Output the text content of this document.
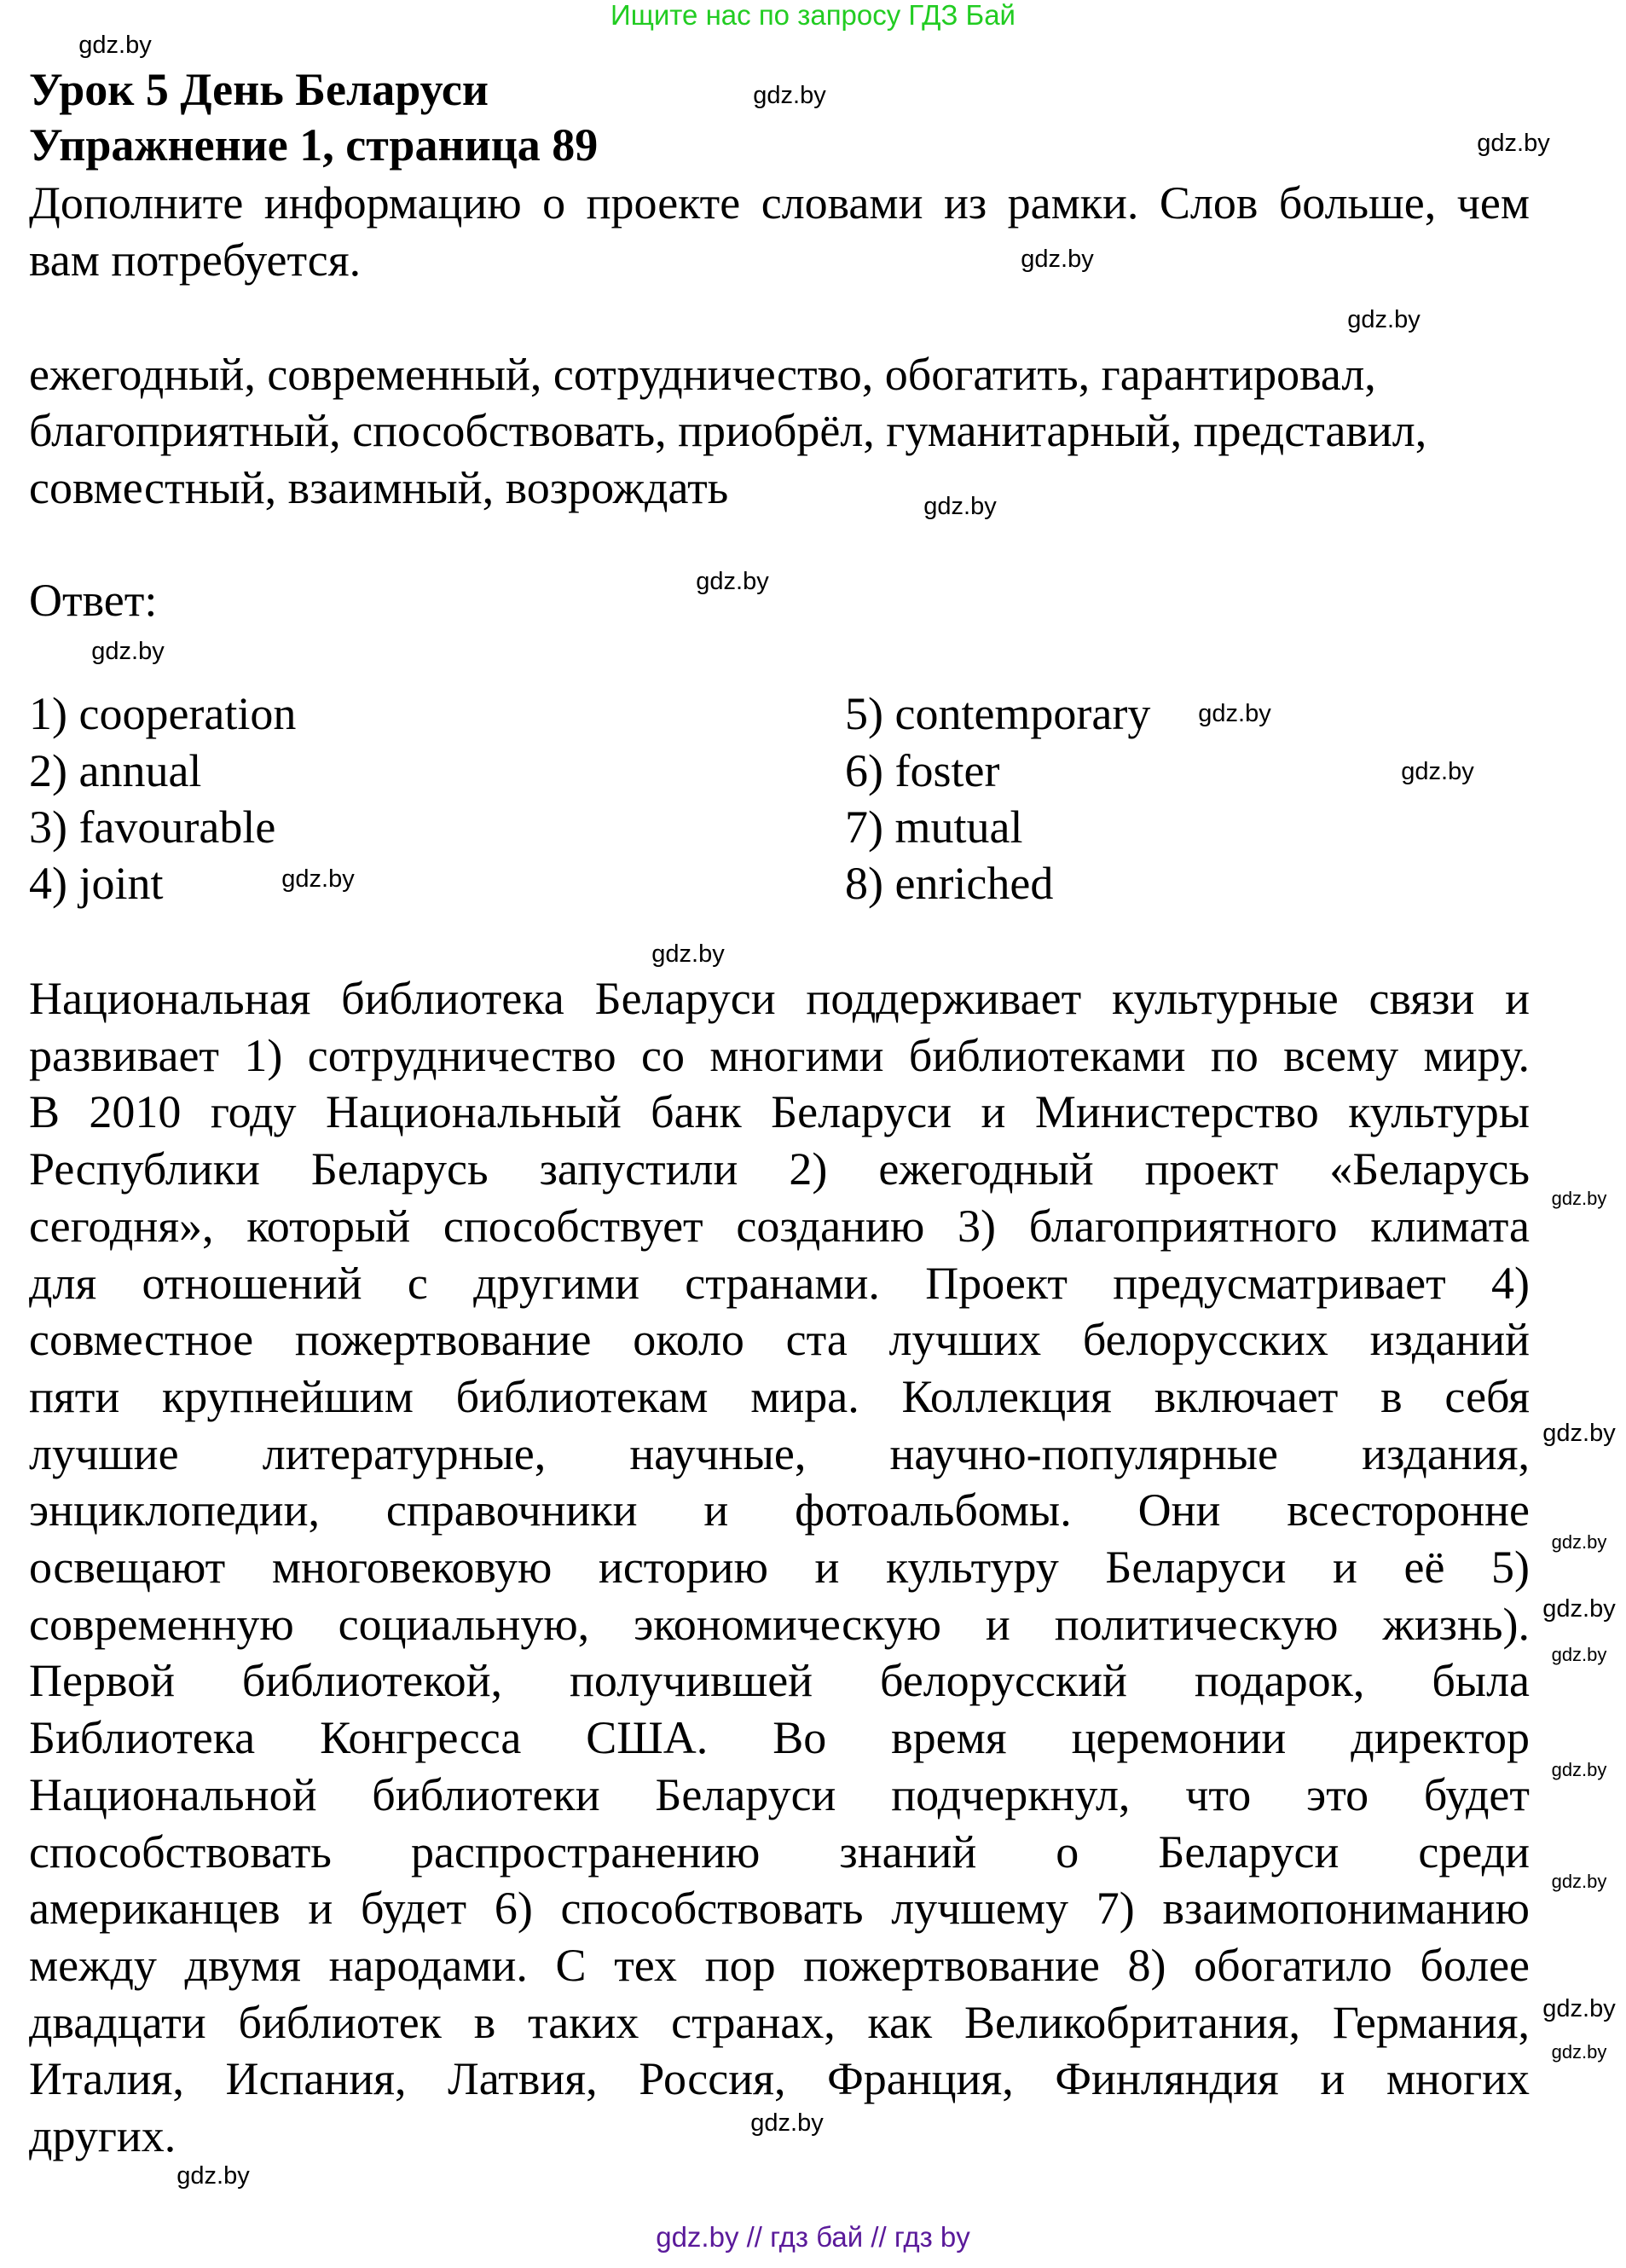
Ищите нас по запросу ГДЗ Бай
Урок 5 День Беларуси
Упражнение 1, страница 89
Дополните информацию о проекте словами из рамки. Слов больше, чем
вам потребуется.
ежегодный, современный, сотрудничество, обогатить, гарантировал,
благоприятный, способствовать, приобрёл, гуманитарный, представил,
совместный, взаимный, возрождать
Ответ:
1) cooperation	5) contemporary
2) annual	6) foster
3) favourable	7) mutual
4) joint	8) enriched
Национальная библиотека Беларуси поддерживает культурные связи и
развивает 1) сотрудничество со многими библиотеками по всему миру.
В 2010 году Национальный банк Беларуси и Министерство культуры
Республики Беларусь запустили 2) ежегодный проект «Беларусь
сегодня», который способствует созданию 3) благоприятного климата
для отношений с другими странами. Проект предусматривает 4)
совместное пожертвование около ста лучших белорусских изданий
пяти крупнейшим библиотекам мира. Коллекция включает в себя
лучшие литературные, научные, научно-популярные издания,
энциклопедии, справочники и фотоальбомы. Они всесторонне
освещают многовековую историю и культуру Беларуси и её 5)
современную социальную, экономическую и политическую жизнь).
Первой библиотекой, получившей белорусский подарок, была
Библиотека Конгресса США. Во время церемонии директор
Национальной библиотеки Беларуси подчеркнул, что это будет
способствовать распространению знаний о Беларуси среди
американцев и будет 6) способствовать лучшему 7) взаимопониманию
между двумя народами. С тех пор пожертвование 8) обогатило более
двадцати библиотек в таких странах, как Великобритания, Германия,
Италия, Испания, Латвия, Россия, Франция, Финляндия и многих
других.
gdz.by
gdz.by
gdz.by
gdz.by
gdz.by
gdz.by
gdz.by
gdz.by
gdz.by
gdz.by
gdz.by
gdz.by
gdz.by
gdz.by
gdz.by
gdz.by
gdz.by
gdz.by
gdz.by
gdz.by
gdz.by
gdz.by
gdz.by
gdz.by // гдз бай // гдз by
